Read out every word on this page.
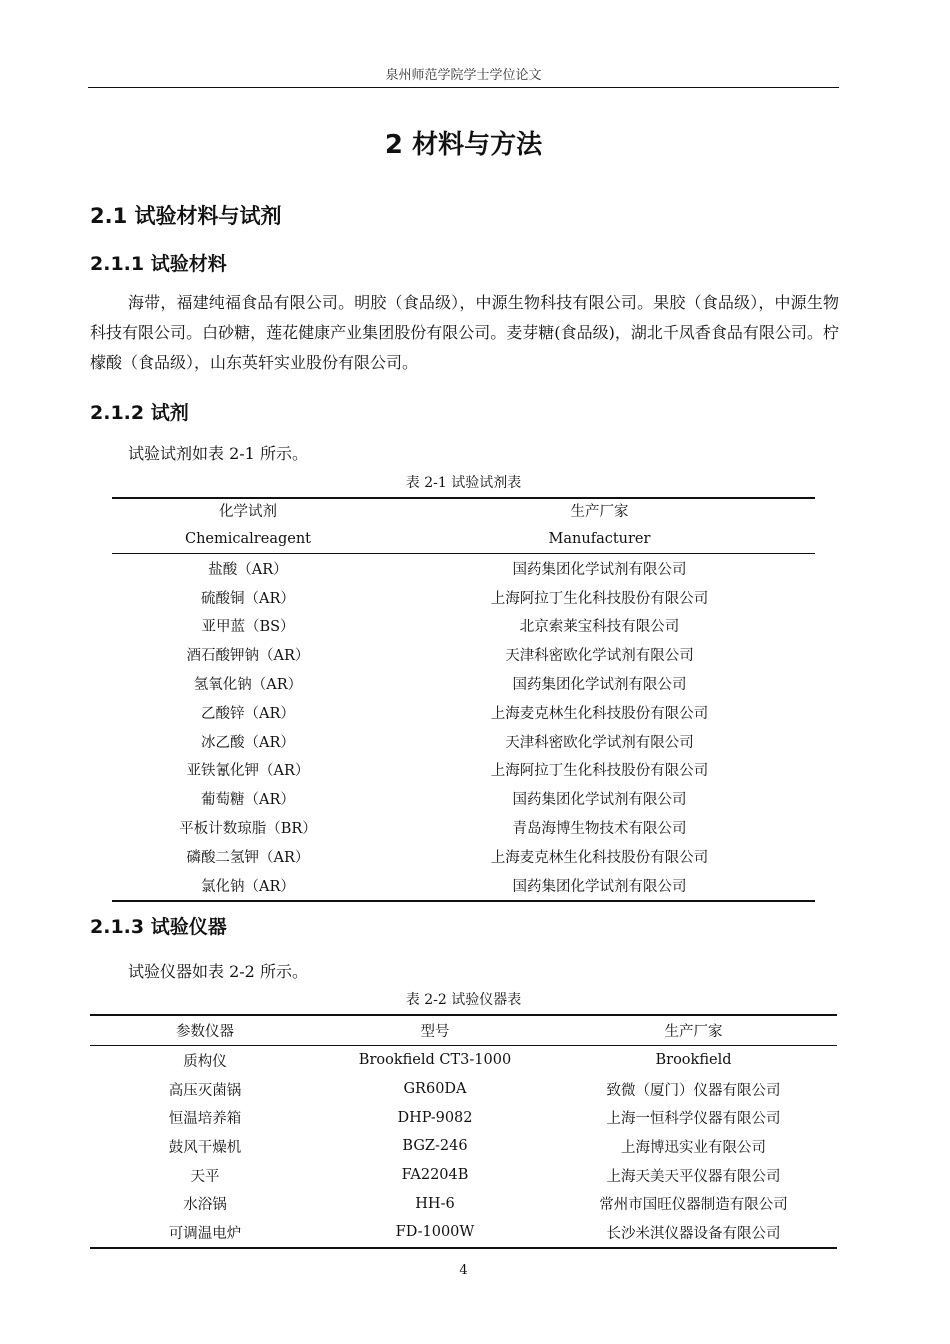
泉州师范学院学士学位论文
2 材料与方法
2.1 试验材料与试剂
2.1.1 试验材料
海带，福建纯福食品有限公司。明胶（食品级），中源生物科技有限公司。果胶（食品级），中源生物科技有限公司。白砂糖，莲花健康产业集团股份有限公司。麦芽糖(食品级)，湖北千凤香食品有限公司。柠檬酸（食品级），山东英轩实业股份有限公司。
2.1.2 试剂
试验试剂如表 2-1 所示。
表 2-1 试验试剂表
化学试剂	生产厂家
Chemicalreagent	Manufacturer
盐酸（AR）	国药集团化学试剂有限公司
硫酸铜（AR）	上海阿拉丁生化科技股份有限公司
亚甲蓝（BS）	北京索莱宝科技有限公司
酒石酸钾钠（AR）	天津科密欧化学试剂有限公司
氢氧化钠（AR）	国药集团化学试剂有限公司
乙酸锌（AR）	上海麦克林生化科技股份有限公司
冰乙酸（AR）	天津科密欧化学试剂有限公司
亚铁氰化钾（AR）	上海阿拉丁生化科技股份有限公司
葡萄糖（AR）	国药集团化学试剂有限公司
平板计数琼脂（BR）	青岛海博生物技术有限公司
磷酸二氢钾（AR）	上海麦克林生化科技股份有限公司
氯化钠（AR）	国药集团化学试剂有限公司
2.1.3 试验仪器
试验仪器如表 2-2 所示。
表 2-2 试验仪器表
参数仪器	型号	生产厂家
质构仪	Brookfield CT3-1000	Brookfield
高压灭菌锅	GR60DA	致微（厦门）仪器有限公司
恒温培养箱	DHP-9082	上海一恒科学仪器有限公司
鼓风干燥机	BGZ-246	上海博迅实业有限公司
天平	FA2204B	上海天美天平仪器有限公司
水浴锅	HH-6	常州市国旺仪器制造有限公司
可调温电炉	FD-1000W	长沙米淇仪器设备有限公司
4
